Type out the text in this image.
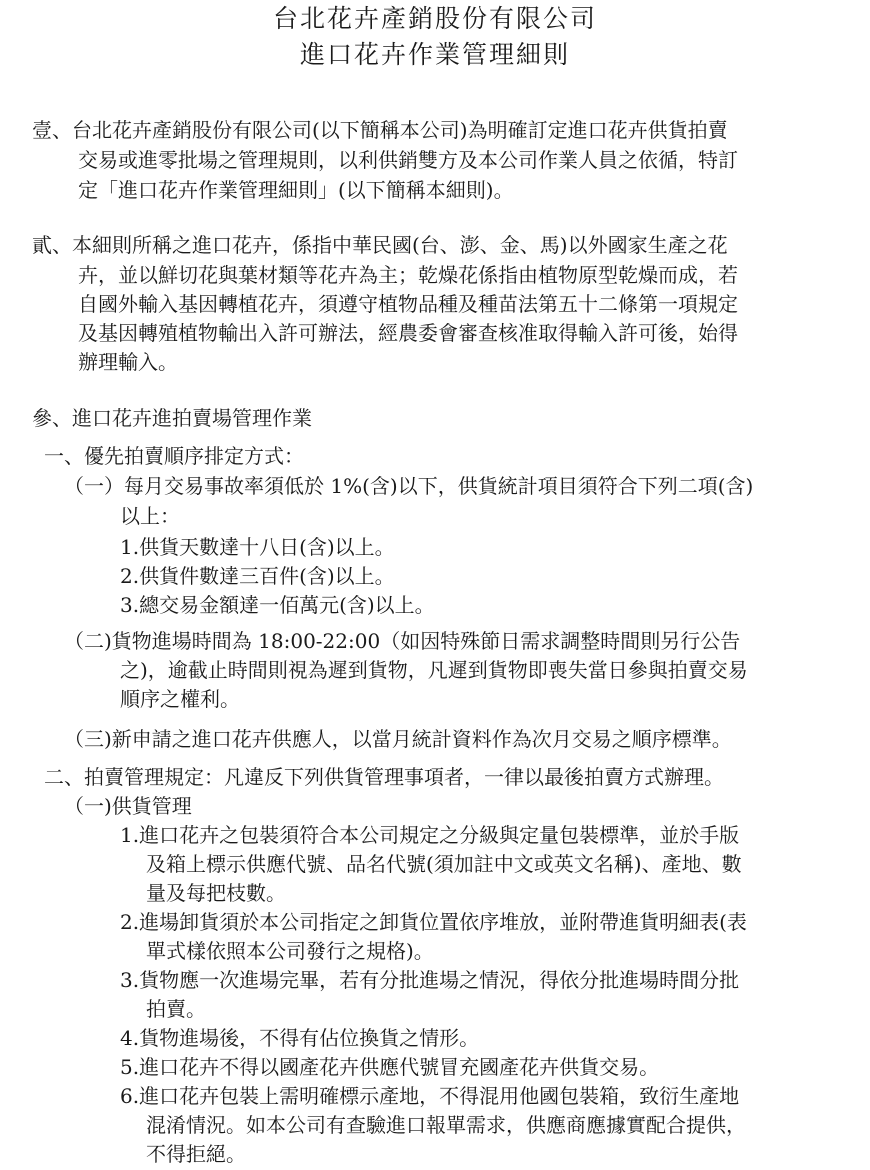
台北花卉產銷股份有限公司
進口花卉作業管理細則
壹、台北花卉產銷股份有限公司(以下簡稱本公司)為明確訂定進口花卉供貨拍賣
交易或進零批場之管理規則，以利供銷雙方及本公司作業人員之依循，特訂
定「進口花卉作業管理細則」(以下簡稱本細則)。
貳、本細則所稱之進口花卉，係指中華民國(台、澎、金、馬)以外國家生產之花
卉，並以鮮切花與葉材類等花卉為主；乾燥花係指由植物原型乾燥而成，若
自國外輸入基因轉植花卉，須遵守植物品種及種苗法第五十二條第一項規定
及基因轉殖植物輸出入許可辦法，經農委會審查核准取得輸入許可後，始得
辦理輸入。
參、進口花卉進拍賣場管理作業
一、優先拍賣順序排定方式：
（一）每月交易事故率須低於 1%(含)以下，供貨統計項目須符合下列二項(含)
以上：
1.供貨天數達十八日(含)以上。
2.供貨件數達三百件(含)以上。
3.總交易金額達一佰萬元(含)以上。
（二)貨物進場時間為 18:00-22:00（如因特殊節日需求調整時間則另行公告
之)，逾截止時間則視為遲到貨物，凡遲到貨物即喪失當日參與拍賣交易
順序之權利。
（三)新申請之進口花卉供應人，以當月統計資料作為次月交易之順序標準。
二、拍賣管理規定：凡違反下列供貨管理事項者，一律以最後拍賣方式辦理。
（一)供貨管理
1.進口花卉之包裝須符合本公司規定之分級與定量包裝標準，並於手版
及箱上標示供應代號、品名代號(須加註中文或英文名稱)、產地、數
量及每把枝數。
2.進場卸貨須於本公司指定之卸貨位置依序堆放，並附帶進貨明細表(表
單式樣依照本公司發行之規格)。
3.貨物應一次進場完畢，若有分批進場之情況，得依分批進場時間分批
拍賣。
4.貨物進場後，不得有佔位換貨之情形。
5.進口花卉不得以國產花卉供應代號冒充國產花卉供貨交易。
6.進口花卉包裝上需明確標示產地，不得混用他國包裝箱，致衍生產地
混淆情況。如本公司有查驗進口報單需求，供應商應據實配合提供，
不得拒絕。
